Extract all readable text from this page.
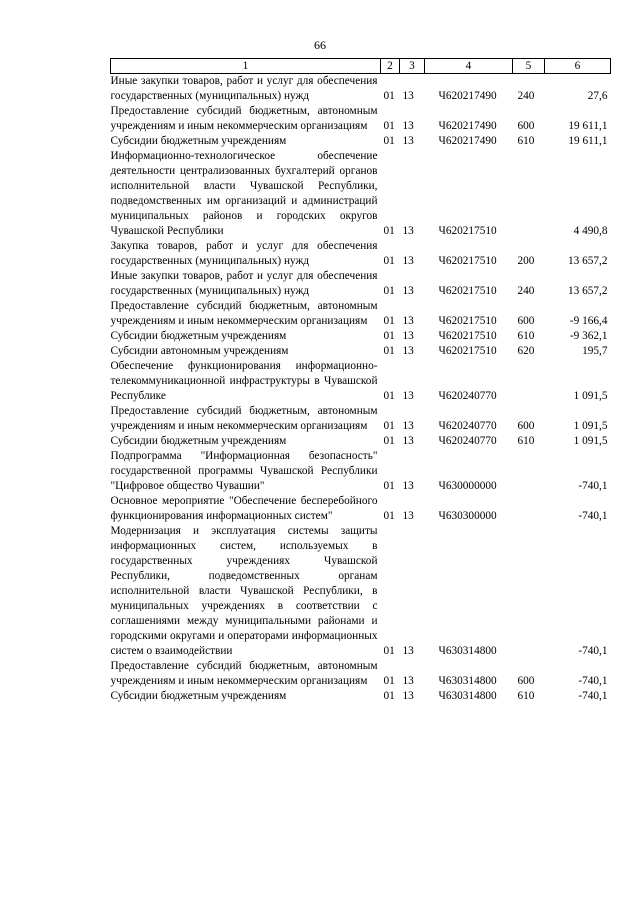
66
1	2	3	4	5	6
Иные закупки товаров, работ и услуг для обеспечения государственных (муниципальных) нужд	01	13	Ч620217490	240	27,6
Предоставление субсидий бюджетным, автономным учреждениям и иным некоммерческим организациям	01	13	Ч620217490	600	19 611,1
Субсидии бюджетным учреждениям	01	13	Ч620217490	610	19 611,1
Информационно-технологическое обеспечение деятельности централизованных бухгалтерий органов исполнительной власти Чувашской Республики, подведомственных им организаций и администраций муниципальных районов и городских округов Чувашской Республики	01	13	Ч620217510		4 490,8
Закупка товаров, работ и услуг для обеспечения государственных (муниципальных) нужд	01	13	Ч620217510	200	13 657,2
Иные закупки товаров, работ и услуг для обеспечения государственных (муниципальных) нужд	01	13	Ч620217510	240	13 657,2
Предоставление субсидий бюджетным, автономным учреждениям и иным некоммерческим организациям	01	13	Ч620217510	600	-9 166,4
Субсидии бюджетным учреждениям	01	13	Ч620217510	610	-9 362,1
Субсидии автономным учреждениям	01	13	Ч620217510	620	195,7
Обеспечение функционирования информационно-телекоммуникационной инфраструктуры в Чувашской Республике	01	13	Ч620240770		1 091,5
Предоставление субсидий бюджетным, автономным учреждениям и иным некоммерческим организациям	01	13	Ч620240770	600	1 091,5
Субсидии бюджетным учреждениям	01	13	Ч620240770	610	1 091,5
Подпрограмма "Информационная безопасность" государственной программы Чувашской Республики "Цифровое общество Чувашии"	01	13	Ч630000000		-740,1
Основное мероприятие "Обеспечение бесперебойного функционирования информационных систем"	01	13	Ч630300000		-740,1
Модернизация и эксплуатация системы защиты информационных систем, используемых в государственных учреждениях Чувашской Республики, подведомственных органам исполнительной власти Чувашской Республики, в муниципальных учреждениях в соответствии с соглашениями между муниципальными районами и городскими округами и операторами информационных систем о взаимодействии	01	13	Ч630314800		-740,1
Предоставление субсидий бюджетным, автономным учреждениям и иным некоммерческим организациям	01	13	Ч630314800	600	-740,1
Субсидии бюджетным учреждениям	01	13	Ч630314800	610	-740,1
